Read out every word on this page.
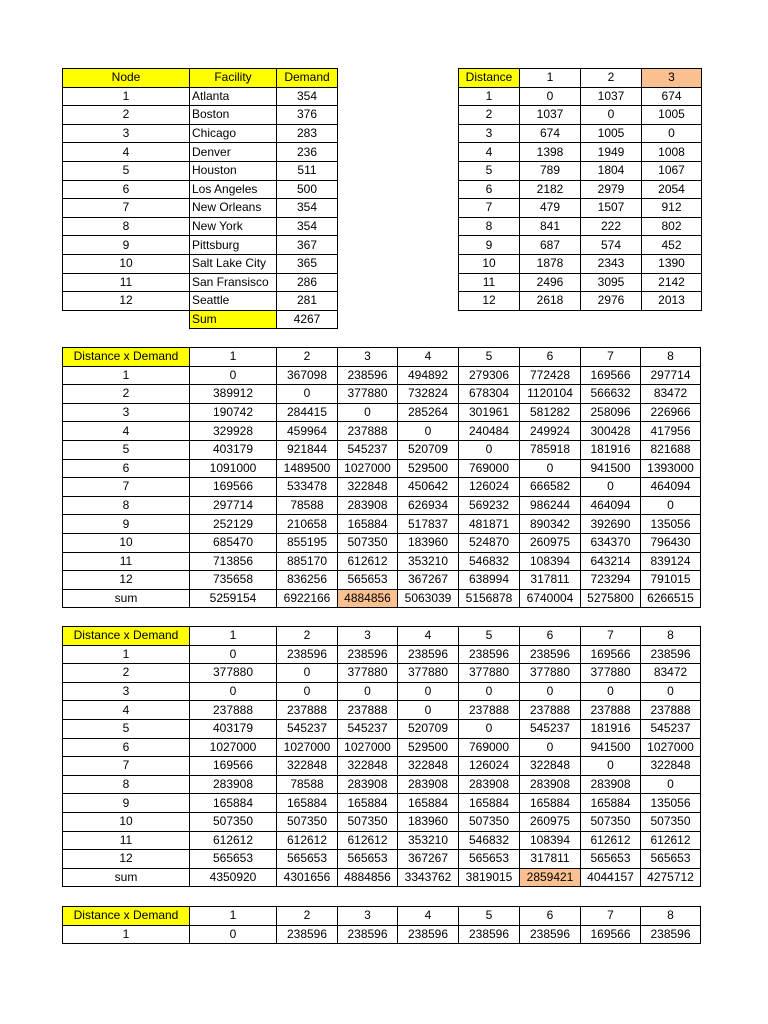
Node	Facility	Demand
1	Atlanta	354
2	Boston	376
3	Chicago	283
4	Denver	236
5	Houston	511
6	Los Angeles	500
7	New Orleans	354
8	New York	354
9	Pittsburg	367
10	Salt Lake City	365
11	San Fransisco	286
12	Seattle	281
	Sum	4267
Distance	1	2	3
1	0	1037	674
2	1037	0	1005
3	674	1005	0
4	1398	1949	1008
5	789	1804	1067
6	2182	2979	2054
7	479	1507	912
8	841	222	802
9	687	574	452
10	1878	2343	1390
11	2496	3095	2142
12	2618	2976	2013
Distance x Demand	1	2	3	4	5	6	7	8
1	0	367098	238596	494892	279306	772428	169566	297714
2	389912	0	377880	732824	678304	1120104	566632	83472
3	190742	284415	0	285264	301961	581282	258096	226966
4	329928	459964	237888	0	240484	249924	300428	417956
5	403179	921844	545237	520709	0	785918	181916	821688
6	1091000	1489500	1027000	529500	769000	0	941500	1393000
7	169566	533478	322848	450642	126024	666582	0	464094
8	297714	78588	283908	626934	569232	986244	464094	0
9	252129	210658	165884	517837	481871	890342	392690	135056
10	685470	855195	507350	183960	524870	260975	634370	796430
11	713856	885170	612612	353210	546832	108394	643214	839124
12	735658	836256	565653	367267	638994	317811	723294	791015
sum	5259154	6922166	4884856	5063039	5156878	6740004	5275800	6266515
Distance x Demand	1	2	3	4	5	6	7	8
1	0	238596	238596	238596	238596	238596	169566	238596
2	377880	0	377880	377880	377880	377880	377880	83472
3	0	0	0	0	0	0	0	0
4	237888	237888	237888	0	237888	237888	237888	237888
5	403179	545237	545237	520709	0	545237	181916	545237
6	1027000	1027000	1027000	529500	769000	0	941500	1027000
7	169566	322848	322848	322848	126024	322848	0	322848
8	283908	78588	283908	283908	283908	283908	283908	0
9	165884	165884	165884	165884	165884	165884	165884	135056
10	507350	507350	507350	183960	507350	260975	507350	507350
11	612612	612612	612612	353210	546832	108394	612612	612612
12	565653	565653	565653	367267	565653	317811	565653	565653
sum	4350920	4301656	4884856	3343762	3819015	2859421	4044157	4275712
Distance x Demand	1	2	3	4	5	6	7	8
1	0	238596	238596	238596	238596	238596	169566	238596
